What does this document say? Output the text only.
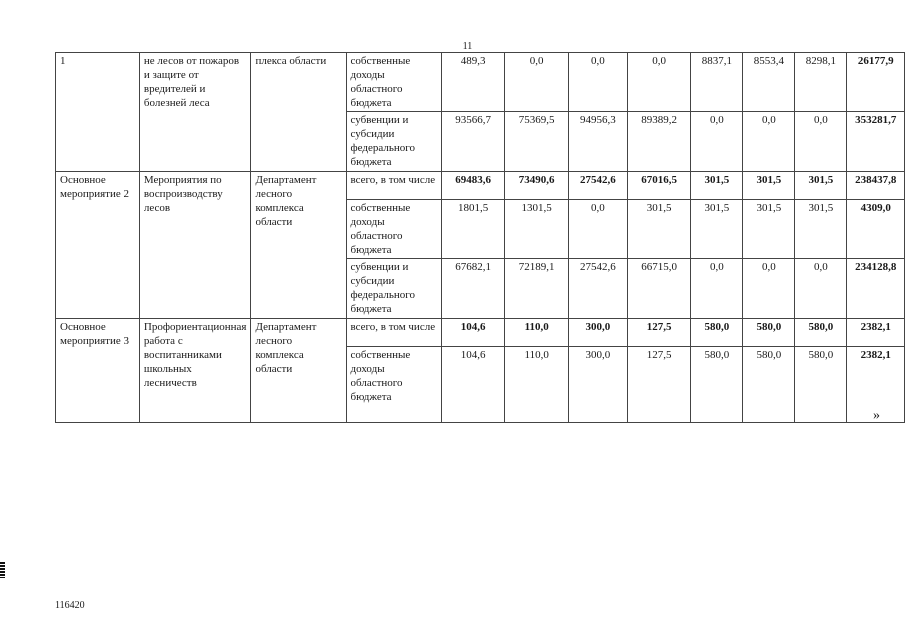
11
1	не лесов от пожаров и защите от вредителей и болезней леса	плекса области	собственные доходы областного бюджета	489,3	0,0	0,0	0,0	8837,1	8553,4	8298,1	26177,9
			субвенции и субсидии федерального бюджета	93566,7	75369,5	94956,3	89389,2	0,0	0,0	0,0	353281,7
Основное мероприятие 2	Мероприятия по воспроизводству лесов	Департамент лесного комплекса области	всего, в том числе	69483,6	73490,6	27542,6	67016,5	301,5	301,5	301,5	238437,8
			собственные доходы областного бюджета	1801,5	1301,5	0,0	301,5	301,5	301,5	301,5	4309,0
			субвенции и субсидии федерального бюджета	67682,1	72189,1	27542,6	66715,0	0,0	0,0	0,0	234128,8
Основное мероприятие 3	Профориентационная работа с воспитанниками школьных лесничеств	Департамент лесного комплекса области	всего, в том числе	104,6	110,0	300,0	127,5	580,0	580,0	580,0	2382,1
			собственные доходы областного бюджета	104,6	110,0	300,0	127,5	580,0	580,0	580,0	2382,1
»
116420
